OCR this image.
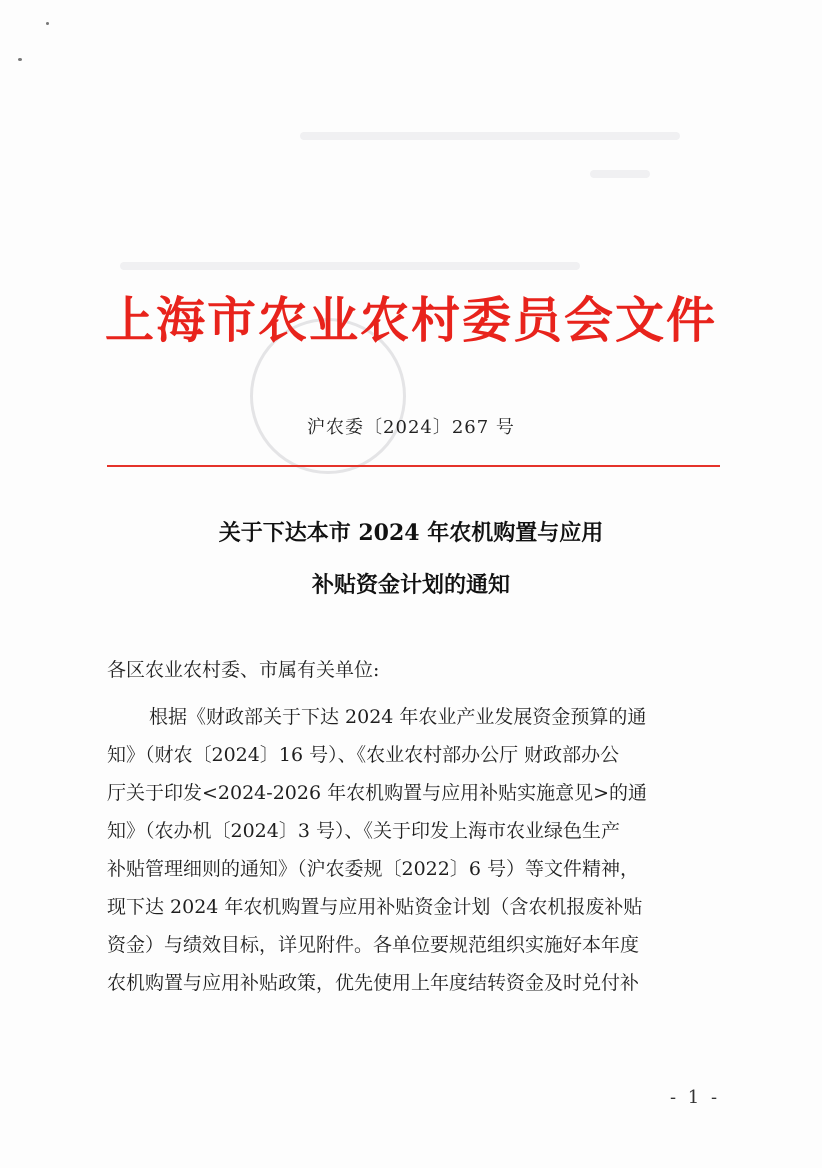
上海市农业农村委员会文件
沪农委〔2024〕267 号
关于下达本市 2024 年农机购置与应用
补贴资金计划的通知
各区农业农村委、市属有关单位:
根据《财政部关于下达 2024 年农业产业发展资金预算的通
知》（财农〔2024〕16 号）、《农业农村部办公厅 财政部办公
厅关于印发<2024-2026 年农机购置与应用补贴实施意见>的通
知》（农办机〔2024〕3 号）、《关于印发上海市农业绿色生产
补贴管理细则的通知》（沪农委规〔2022〕6 号）等文件精神，
现下达 2024 年农机购置与应用补贴资金计划（含农机报废补贴
资金）与绩效目标，详见附件。各单位要规范组织实施好本年度
农机购置与应用补贴政策，优先使用上年度结转资金及时兑付补
- 1 -
